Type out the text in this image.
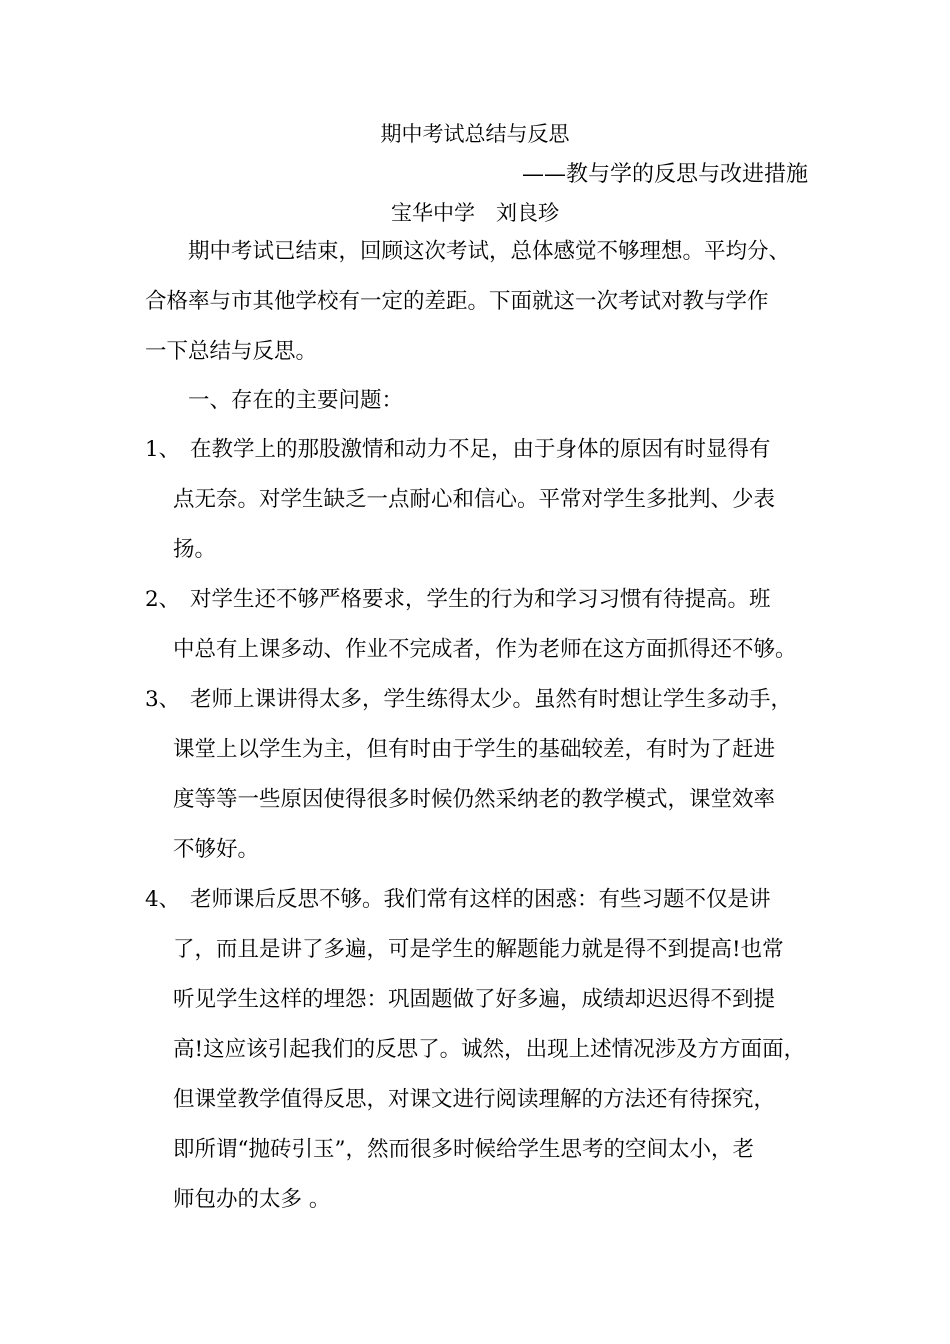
期中考试总结与反思
——教与学的反思与改进措施
宝华中学　刘良珍
期中考试已结束，回顾这次考试，总体感觉不够理想。平均分、
合格率与市其他学校有一定的差距。下面就这一次考试对教与学作
一下总结与反思。
一、存在的主要问题：
1、 在教学上的那股激情和动力不足，由于身体的原因有时显得有
点无奈。对学生缺乏一点耐心和信心。平常对学生多批判、少表
扬。
2、 对学生还不够严格要求，学生的行为和学习习惯有待提高。班
中总有上课多动、作业不完成者，作为老师在这方面抓得还不够。
3、 老师上课讲得太多，学生练得太少。虽然有时想让学生多动手，
课堂上以学生为主，但有时由于学生的基础较差，有时为了赶进
度等等一些原因使得很多时候仍然采纳老的教学模式，课堂效率
不够好。
4、 老师课后反思不够。我们常有这样的困惑：有些习题不仅是讲
了，而且是讲了多遍，可是学生的解题能力就是得不到提高!也常
听见学生这样的埋怨：巩固题做了好多遍，成绩却迟迟得不到提
高!这应该引起我们的反思了。诚然，出现上述情况涉及方方面面，
但课堂教学值得反思，对课文进行阅读理解的方法还有待探究，
即所谓“抛砖引玉”，然而很多时候给学生思考的空间太小，老
师包办的太多 。
